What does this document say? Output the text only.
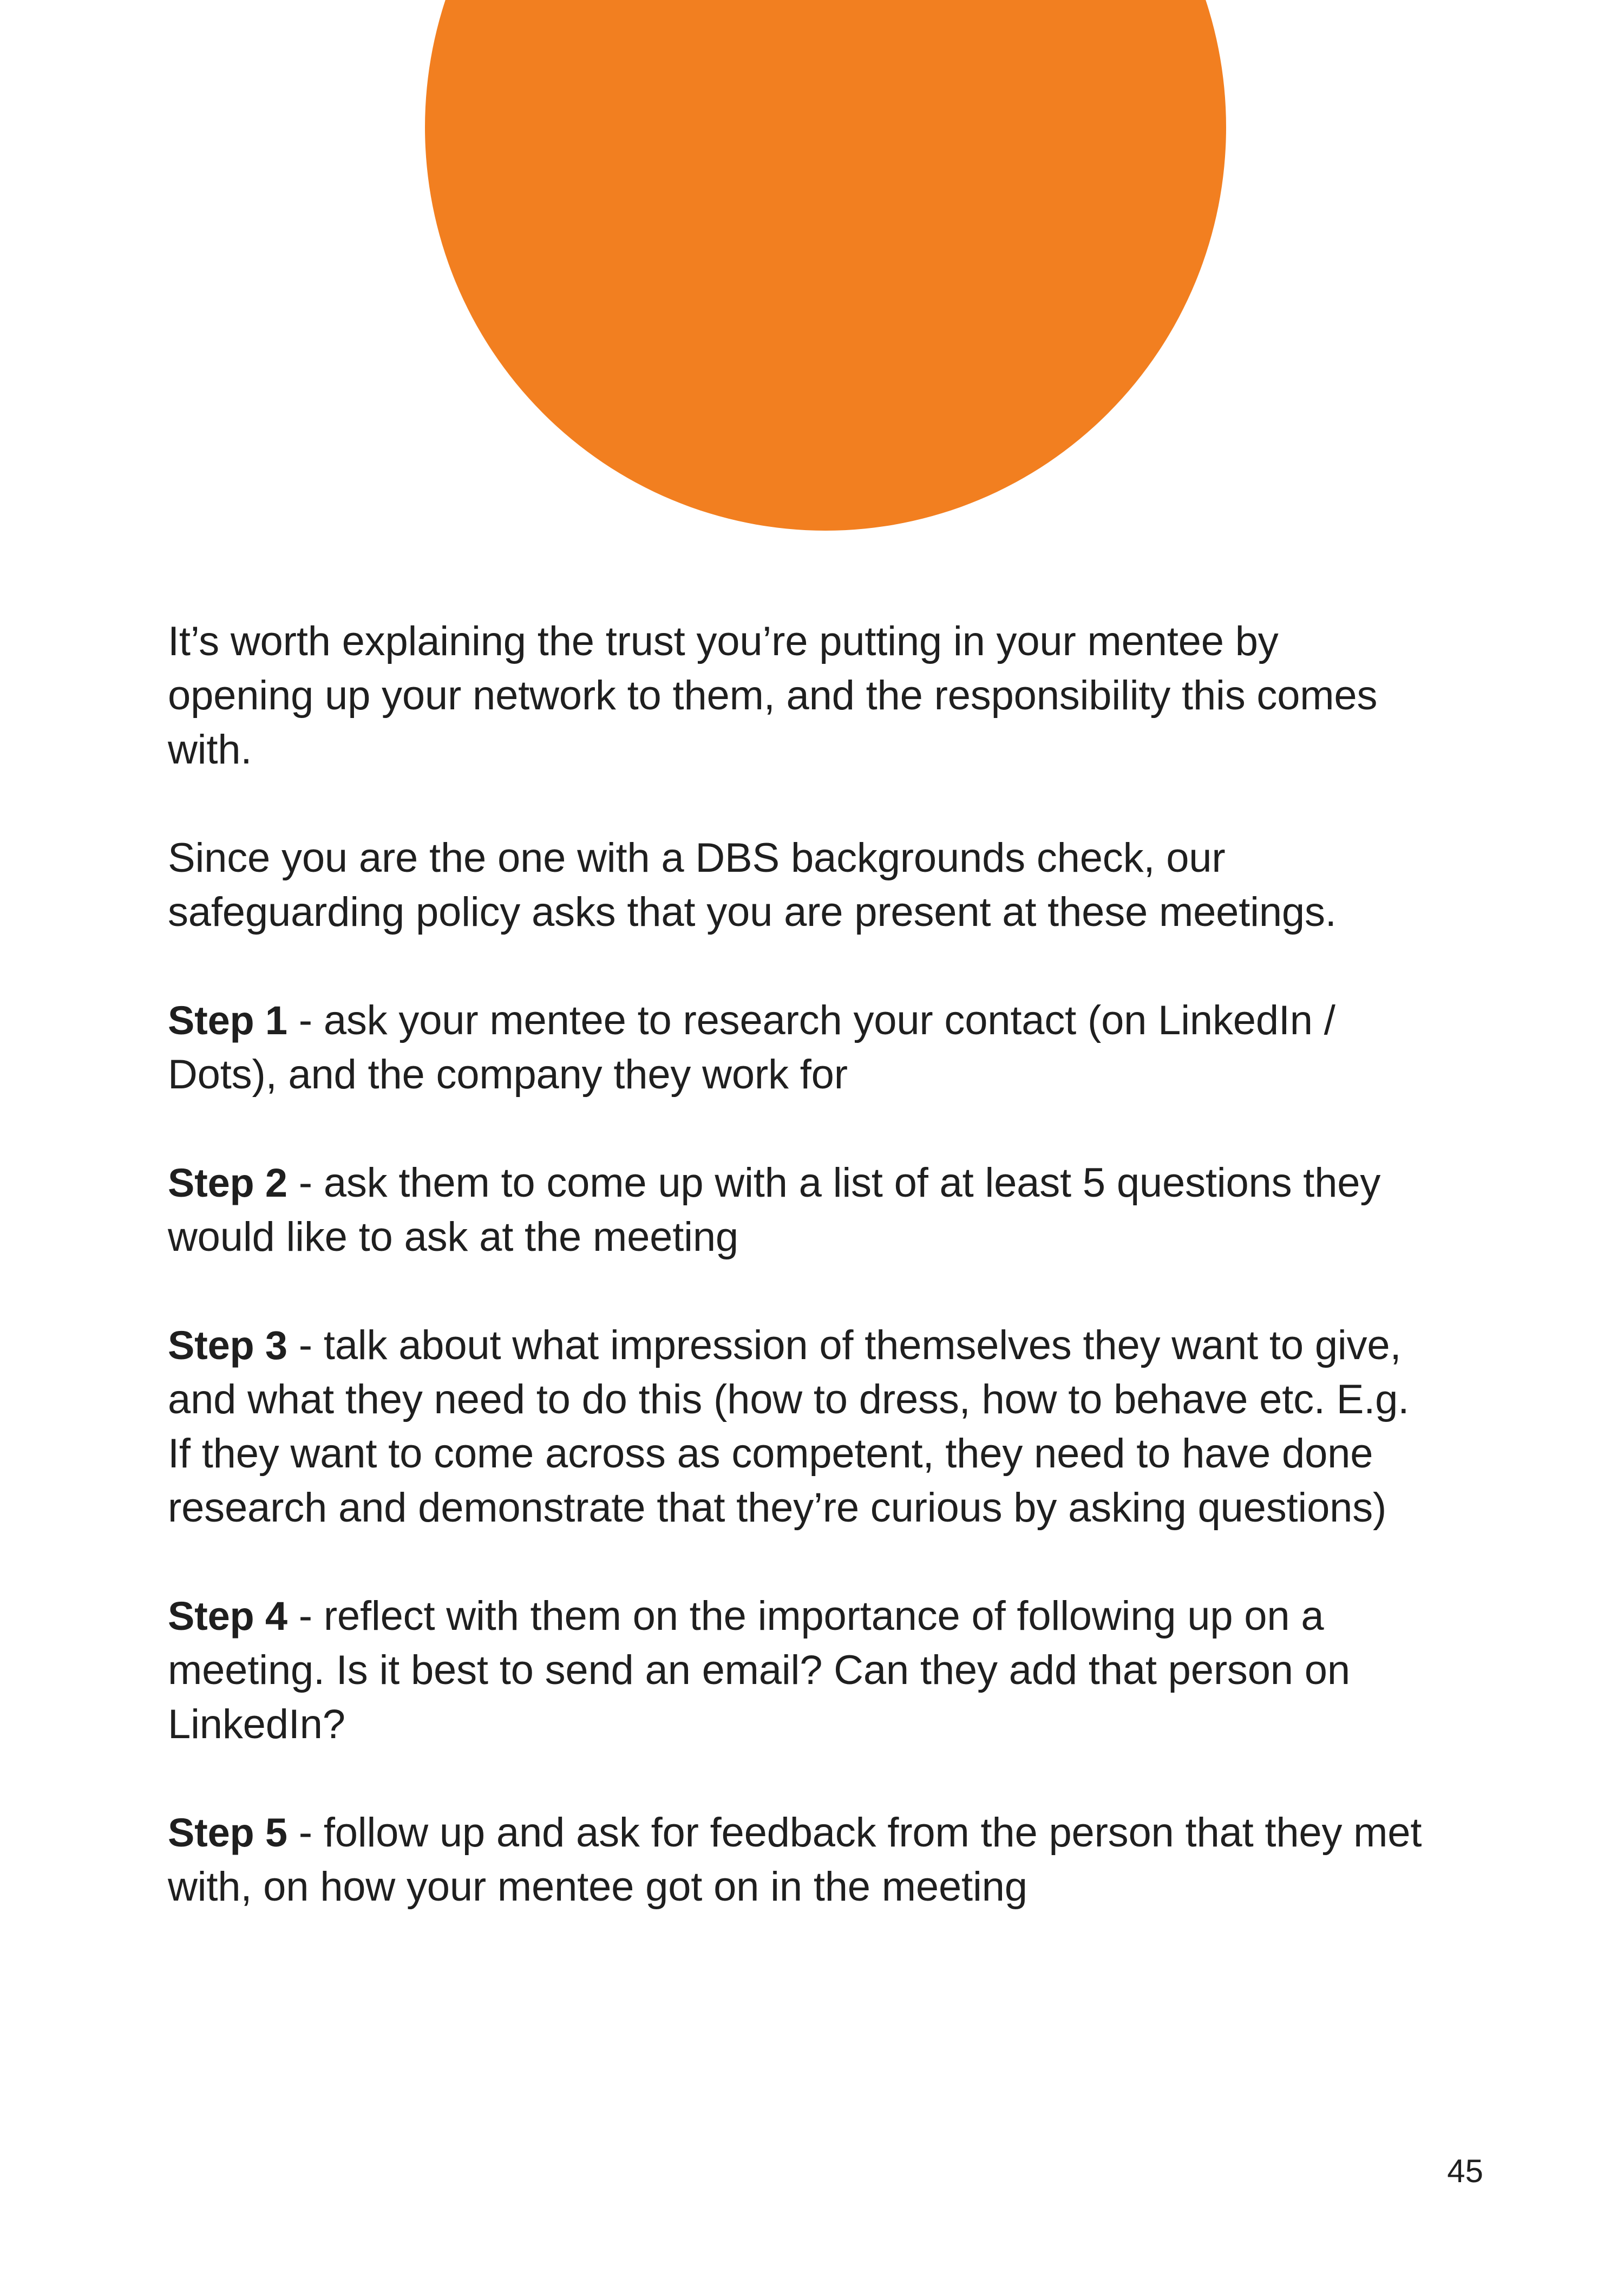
It’s worth explaining the trust you’re putting in your mentee by opening up your network to them, and the responsibility this comes with.

Since you are the one with a DBS backgrounds check, our safeguarding policy asks that you are present at these meetings.

Step 1 - ask your mentee to research your contact (on LinkedIn / Dots), and the company they work for

Step 2 - ask them to come up with a list of at least 5 questions they would like to ask at the meeting

Step 3 - talk about what impression of themselves they want to give, and what they need to do this (how to dress, how to behave etc. E.g. If they want to come across as competent, they need to have done research and demonstrate that they’re curious by asking questions)

Step 4 - reflect with them on the importance of following up on a meeting. Is it best to send an email? Can they add that person on LinkedIn?

Step 5 - follow up and ask for feedback from the person that they met with, on how your mentee got on in the meeting

45
